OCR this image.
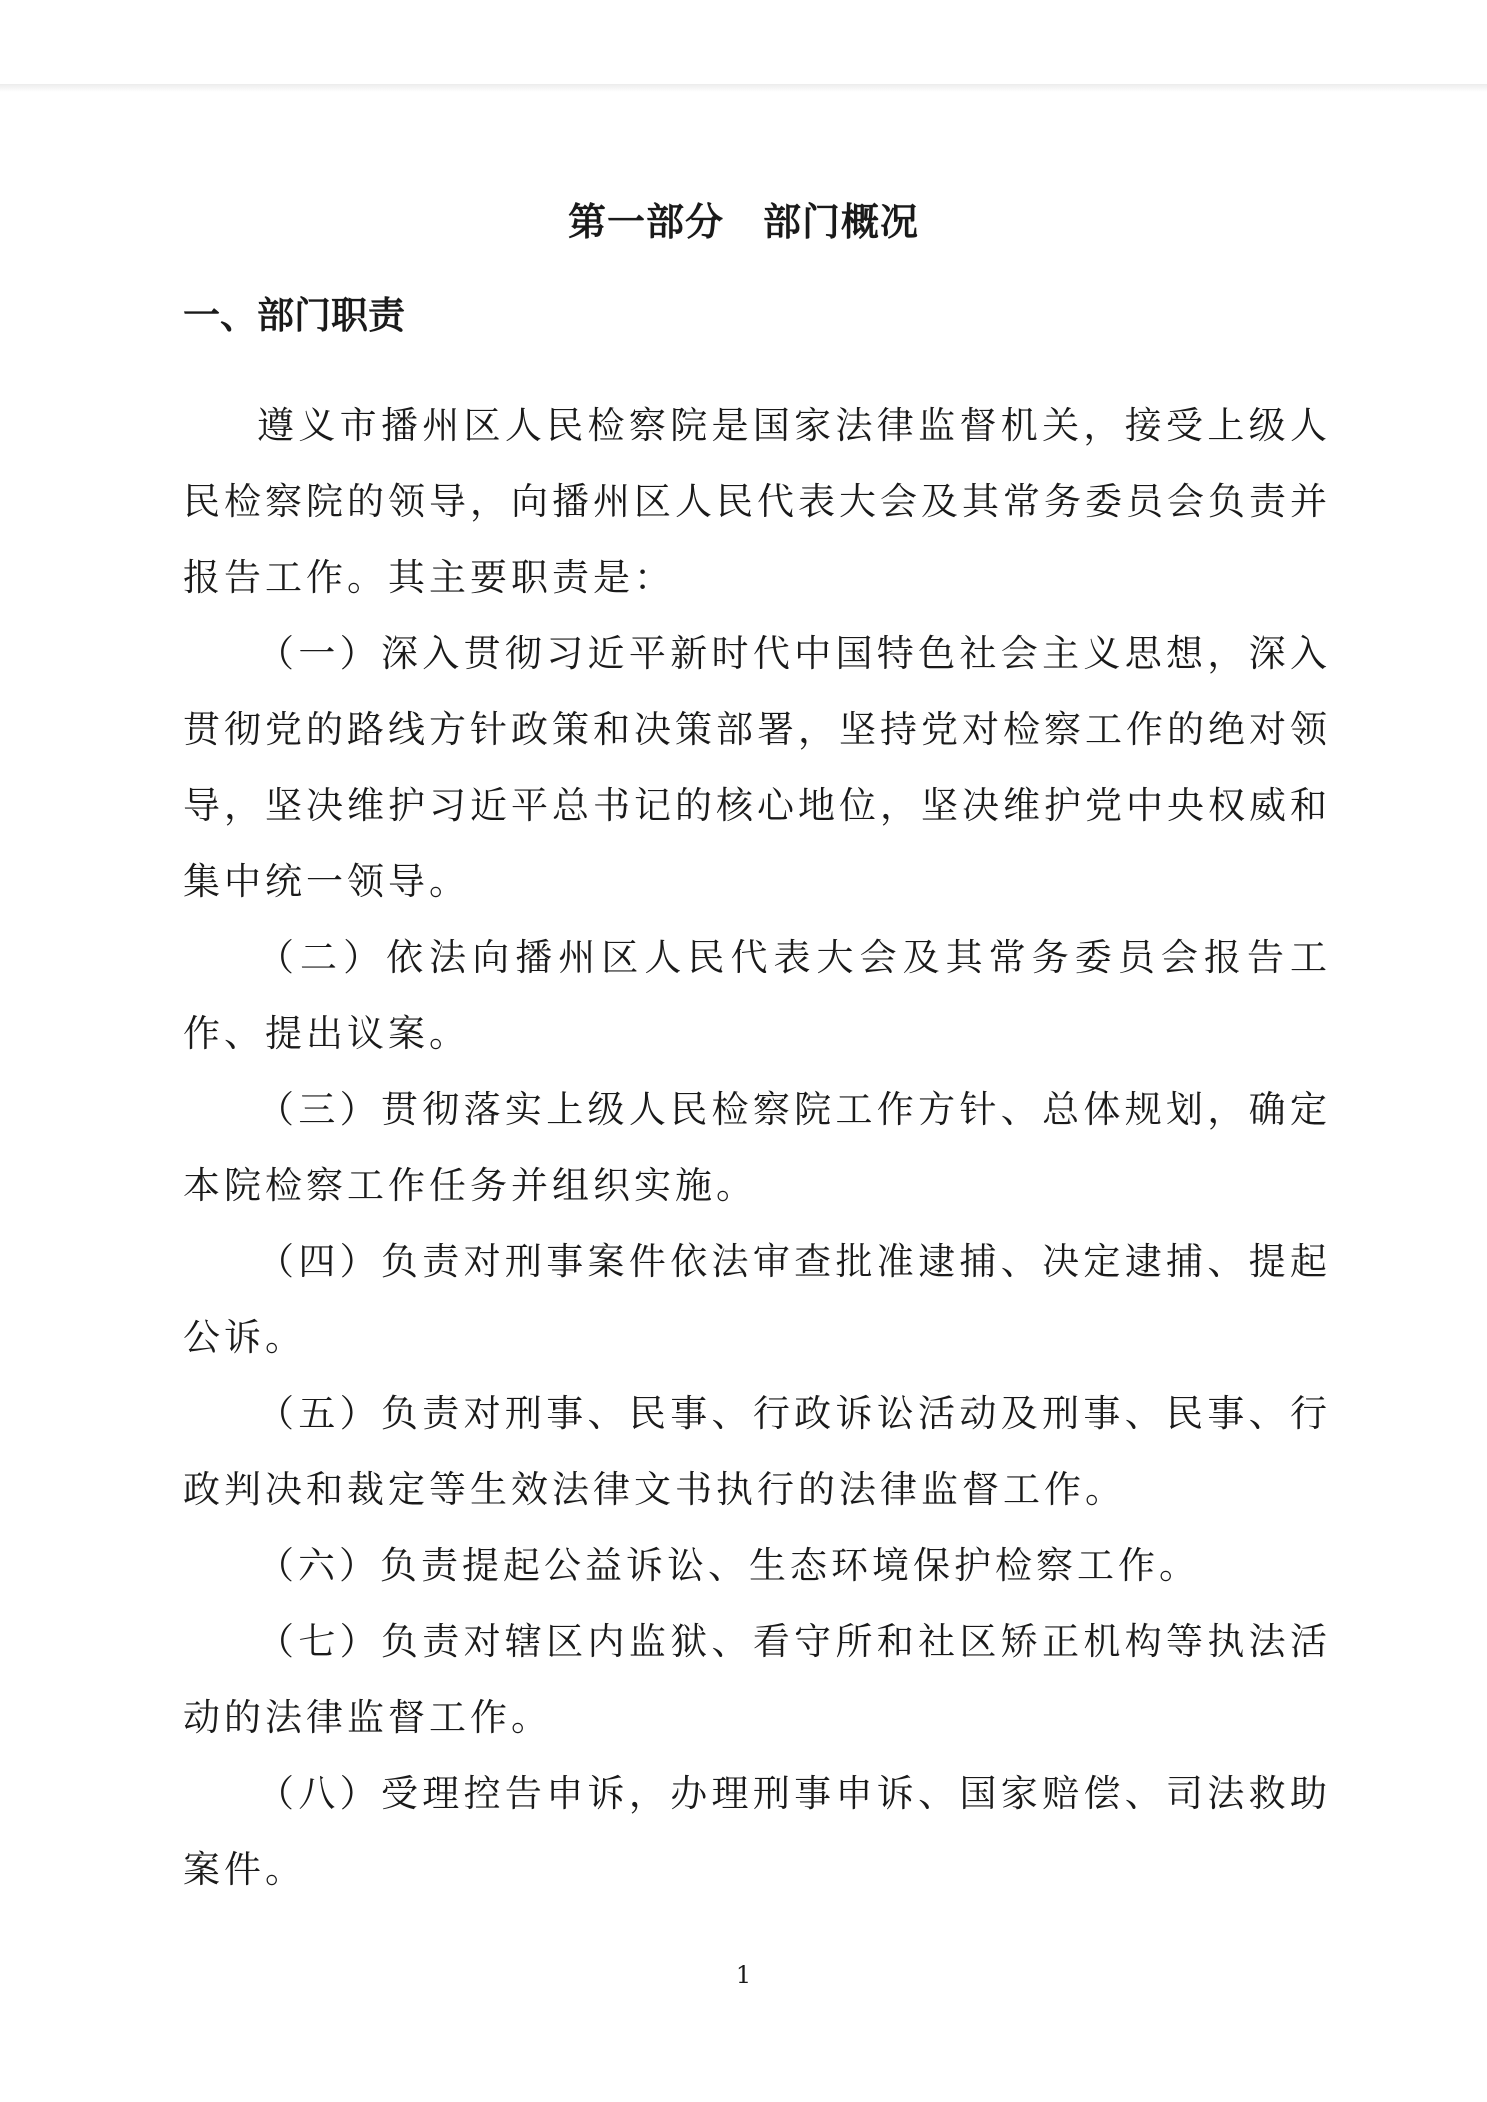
第一部分　部门概况
一、部门职责

遵义市播州区人民检察院是国家法律监督机关，接受上级人民检察院的领导，向播州区人民代表大会及其常务委员会负责并报告工作。其主要职责是：

（一）深入贯彻习近平新时代中国特色社会主义思想，深入贯彻党的路线方针政策和决策部署，坚持党对检察工作的绝对领导，坚决维护习近平总书记的核心地位，坚决维护党中央权威和集中统一领导。

（二）依法向播州区人民代表大会及其常务委员会报告工作、提出议案。

（三）贯彻落实上级人民检察院工作方针、总体规划，确定本院检察工作任务并组织实施。

（四）负责对刑事案件依法审查批准逮捕、决定逮捕、提起公诉。

（五）负责对刑事、民事、行政诉讼活动及刑事、民事、行政判决和裁定等生效法律文书执行的法律监督工作。

（六）负责提起公益诉讼、生态环境保护检察工作。

（七）负责对辖区内监狱、看守所和社区矫正机构等执法活动的法律监督工作。

（八）受理控告申诉，办理刑事申诉、国家赔偿、司法救助案件。

1
